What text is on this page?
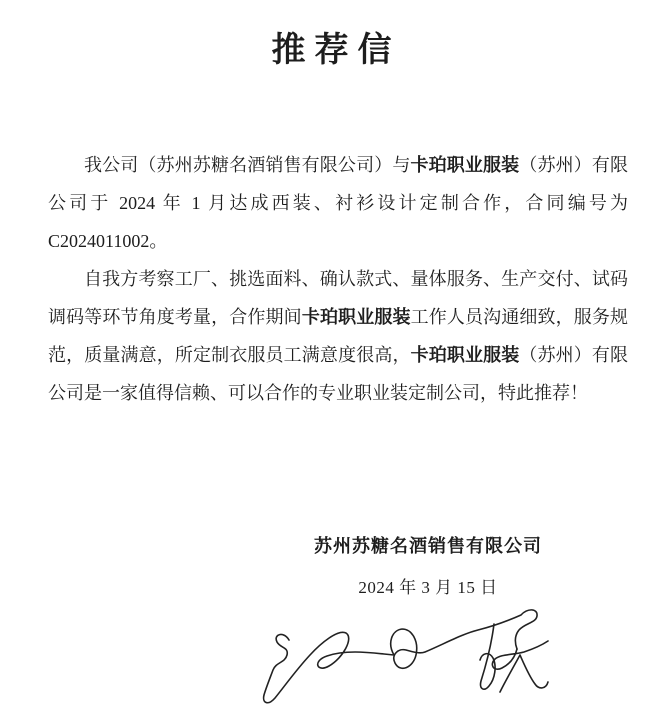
推荐信

我公司（苏州苏糖名酒销售有限公司）与卡珀职业服装（苏州）有限公司于 2024 年 1 月达成西装、衬衫设计定制合作，合同编号为C2024011002。

自我方考察工厂、挑选面料、确认款式、量体服务、生产交付、试码调码等环节角度考量，合作期间卡珀职业服装工作人员沟通细致，服务规范，质量满意，所定制衣服员工满意度很高，卡珀职业服装（苏州）有限公司是一家值得信赖、可以合作的专业职业装定制公司，特此推荐！

苏州苏糖名酒销售有限公司
2024 年 3 月 15 日
